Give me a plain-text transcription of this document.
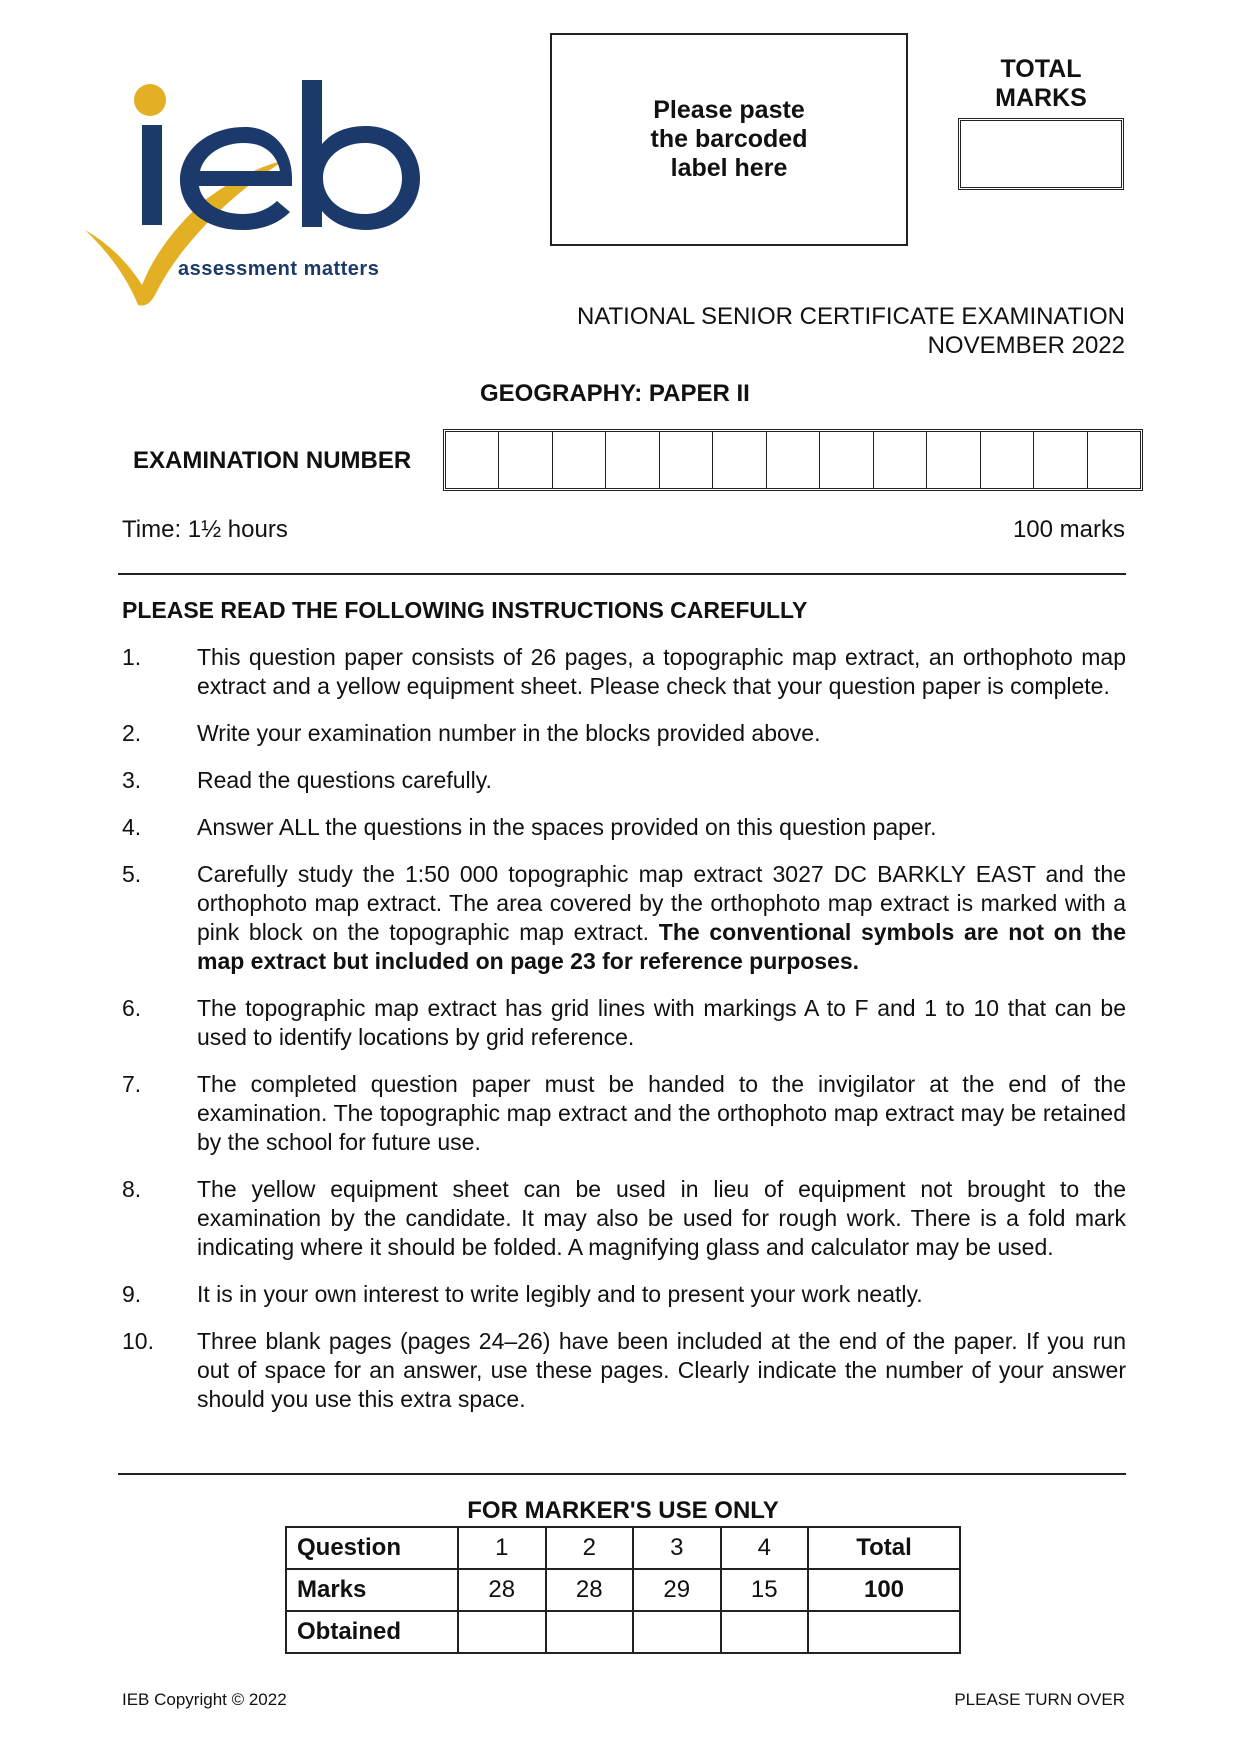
assessment matters
Please paste
the barcoded
label here
TOTAL
MARKS
NATIONAL SENIOR CERTIFICATE EXAMINATION
NOVEMBER 2022
GEOGRAPHY: PAPER II
EXAMINATION NUMBER
Time: 1½ hours	100 marks
PLEASE READ THE FOLLOWING INSTRUCTIONS CAREFULLY
1.	This question paper consists of 26 pages, a topographic map extract, an orthophoto map extract and a yellow equipment sheet. Please check that your question paper is complete.
2.	Write your examination number in the blocks provided above.
3.	Read the questions carefully.
4.	Answer ALL the questions in the spaces provided on this question paper.
5.	Carefully study the 1:50 000 topographic map extract 3027 DC BARKLY EAST and the orthophoto map extract. The area covered by the orthophoto map extract is marked with a pink block on the topographic map extract. The conventional symbols are not on the map extract but included on page 23 for reference purposes.
6.	The topographic map extract has grid lines with markings A to F and 1 to 10 that can be used to identify locations by grid reference.
7.	The completed question paper must be handed to the invigilator at the end of the examination. The topographic map extract and the orthophoto map extract may be retained by the school for future use.
8.	The yellow equipment sheet can be used in lieu of equipment not brought to the examination by the candidate. It may also be used for rough work. There is a fold mark indicating where it should be folded. A magnifying glass and calculator may be used.
9.	It is in your own interest to write legibly and to present your work neatly.
10.	Three blank pages (pages 24–26) have been included at the end of the paper. If you run out of space for an answer, use these pages. Clearly indicate the number of your answer should you use this extra space.
FOR MARKER'S USE ONLY
Question	1	2	3	4	Total
Marks	28	28	29	15	100
Obtained					
IEB Copyright © 2022	PLEASE TURN OVER
